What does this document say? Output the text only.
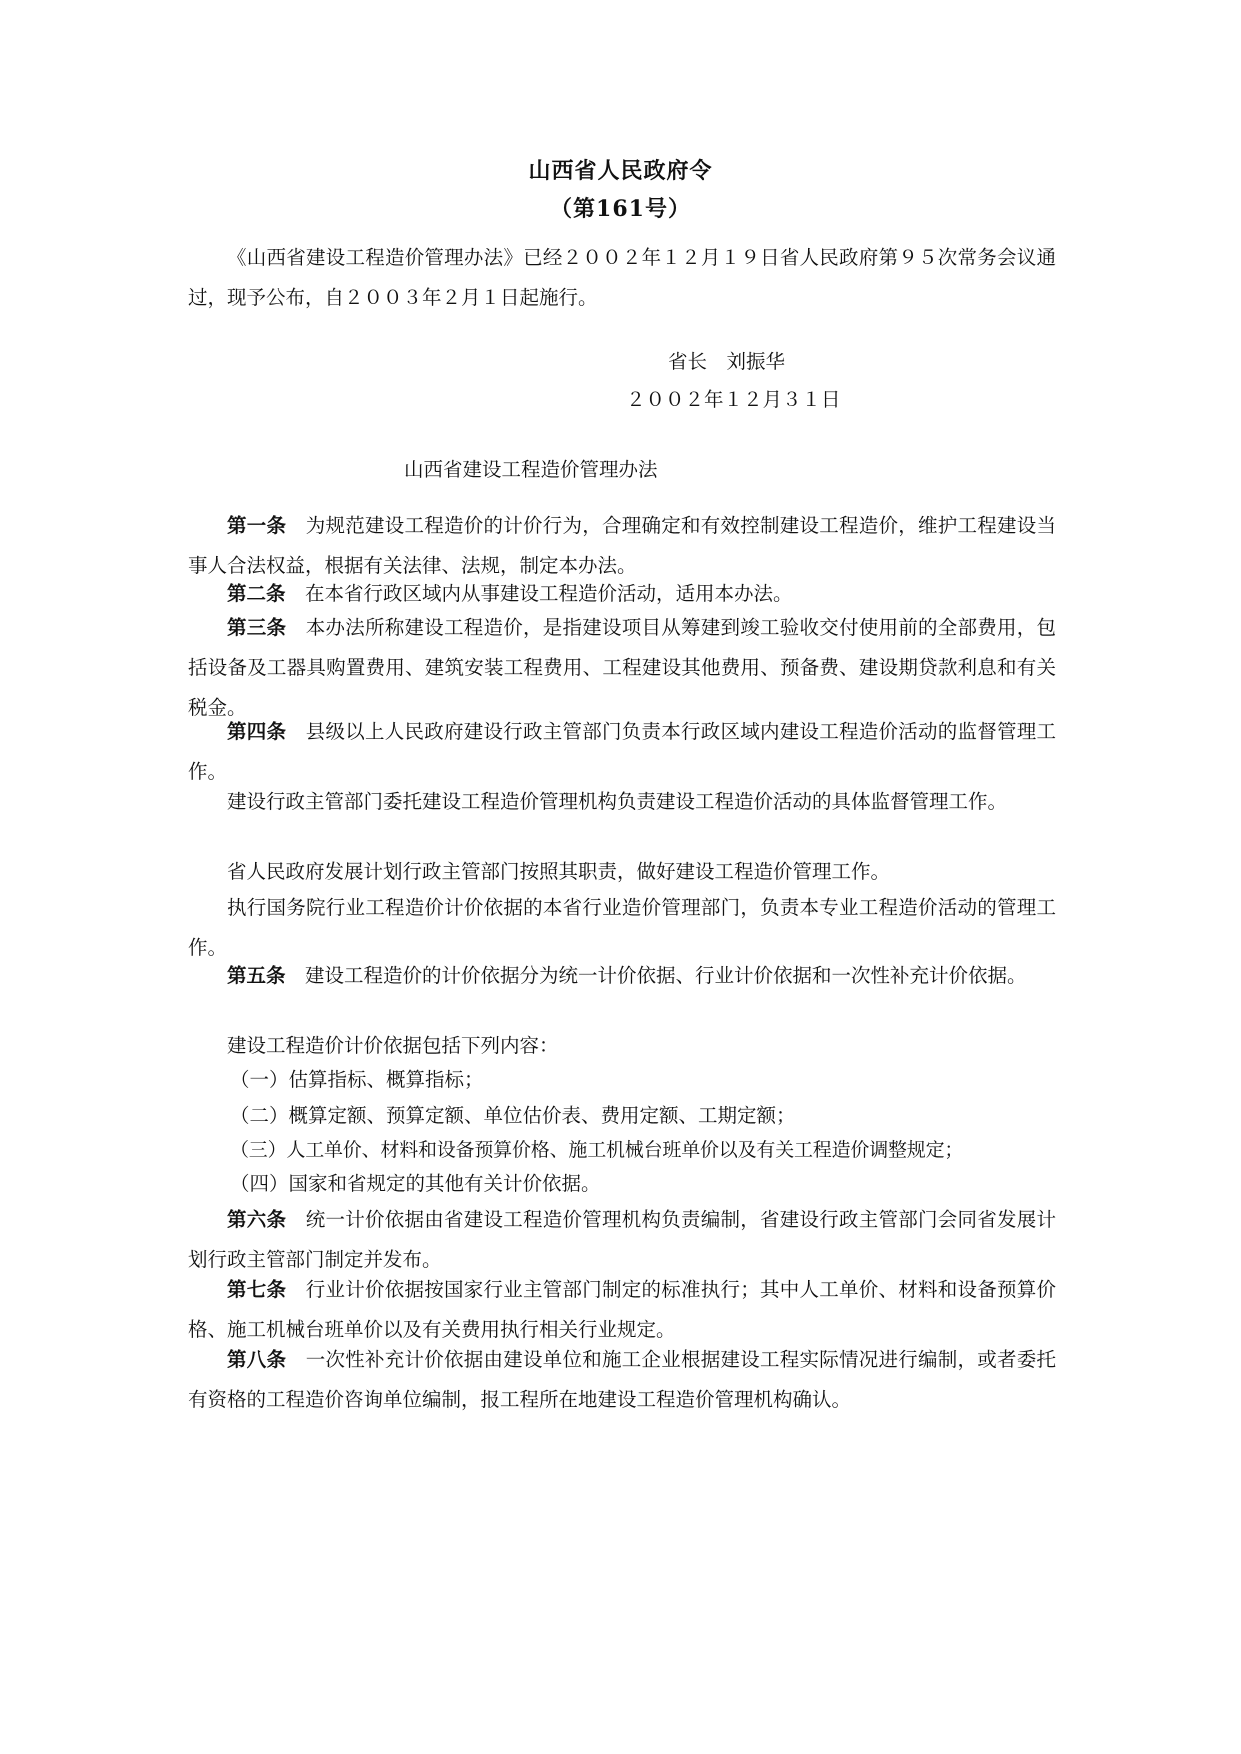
山西省人民政府令
（第161号）

《山西省建设工程造价管理办法》已经２００２年１２月１９日省人民政府第９５次常务会议通过，现予公布，自２００３年２月１日起施行。

省长　刘振华
２００２年１２月３１日
山西省建设工程造价管理办法

第一条 为规范建设工程造价的计价行为，合理确定和有效控制建设工程造价，维护工程建设当事人合法权益，根据有关法律、法规，制定本办法。

第二条 在本省行政区域内从事建设工程造价活动，适用本办法。

第三条 本办法所称建设工程造价，是指建设项目从筹建到竣工验收交付使用前的全部费用，包括设备及工器具购置费用、建筑安装工程费用、工程建设其他费用、预备费、建设期贷款利息和有关税金。

第四条 县级以上人民政府建设行政主管部门负责本行政区域内建设工程造价活动的监督管理工作。

建设行政主管部门委托建设工程造价管理机构负责建设工程造价活动的具体监督管理工作。

省人民政府发展计划行政主管部门按照其职责，做好建设工程造价管理工作。

执行国务院行业工程造价计价依据的本省行业造价管理部门，负责本专业工程造价活动的管理工作。

第五条 建设工程造价的计价依据分为统一计价依据、行业计价依据和一次性补充计价依据。

建设工程造价计价依据包括下列内容：

（一）估算指标、概算指标；
（二）概算定额、预算定额、单位估价表、费用定额、工期定额；
（三）人工单价、材料和设备预算价格、施工机械台班单价以及有关工程造价调整规定；
（四）国家和省规定的其他有关计价依据。

第六条 统一计价依据由省建设工程造价管理机构负责编制，省建设行政主管部门会同省发展计划行政主管部门制定并发布。

第七条 行业计价依据按国家行业主管部门制定的标准执行；其中人工单价、材料和设备预算价格、施工机械台班单价以及有关费用执行相关行业规定。

第八条 一次性补充计价依据由建设单位和施工企业根据建设工程实际情况进行编制，或者委托有资格的工程造价咨询单位编制，报工程所在地建设工程造价管理机构确认。
